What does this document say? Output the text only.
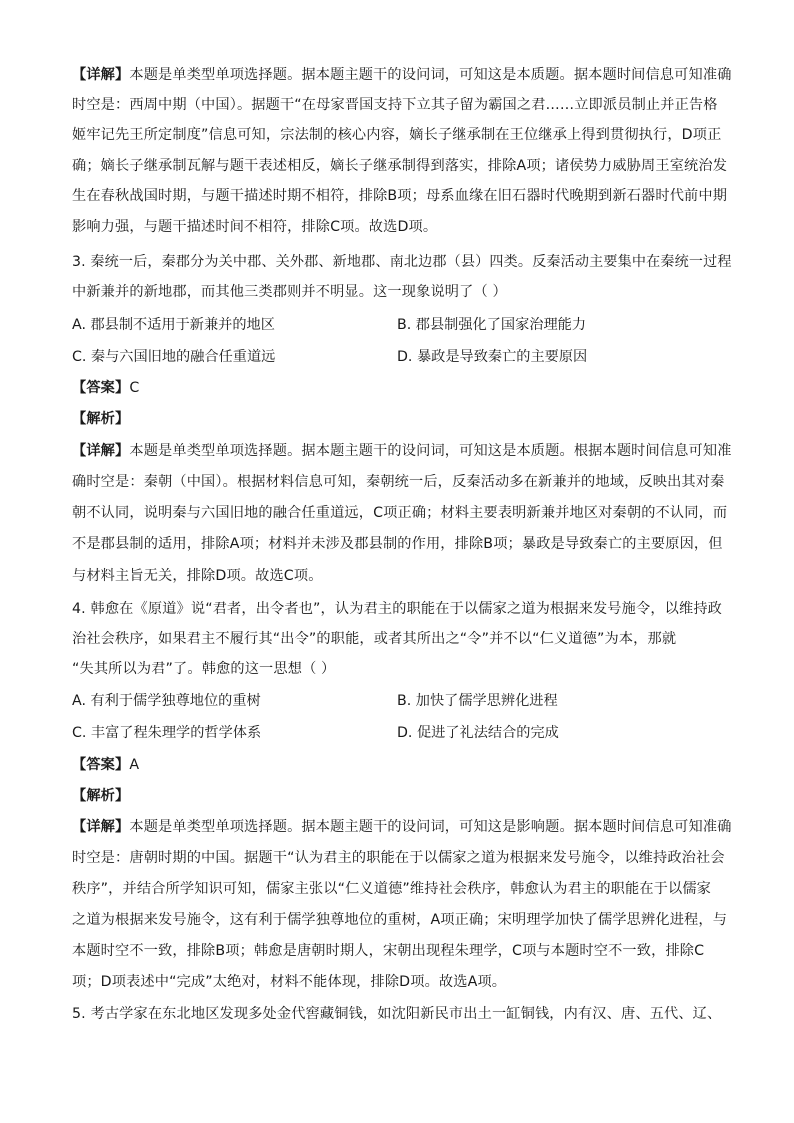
【详解】本题是单类型单项选择题。据本题主题干的设问词，可知这是本质题。据本题时间信息可知准确
时空是：西周中期（中国）。据题干“在母家晋国支持下立其子留为霸国之君……立即派员制止并正告格
姬牢记先王所定制度”信息可知，宗法制的核心内容，嫡长子继承制在王位继承上得到贯彻执行，D项正
确；嫡长子继承制瓦解与题干表述相反，嫡长子继承制得到落实，排除A项；诸侯势力威胁周王室统治发
生在春秋战国时期，与题干描述时期不相符，排除B项；母系血缘在旧石器时代晚期到新石器时代前中期
影响力强，与题干描述时间不相符，排除C项。故选D项。
3. 秦统一后，秦郡分为关中郡、关外郡、新地郡、南北边郡（县）四类。反秦活动主要集中在秦统一过程
中新兼并的新地郡，而其他三类郡则并不明显。这一现象说明了（ ）
A. 郡县制不适用于新兼并的地区	B. 郡县制强化了国家治理能力
C. 秦与六国旧地的融合任重道远	D. 暴政是导致秦亡的主要原因
【答案】C
【解析】
【详解】本题是单类型单项选择题。据本题主题干的设问词，可知这是本质题。根据本题时间信息可知准
确时空是：秦朝（中国）。根据材料信息可知，秦朝统一后，反秦活动多在新兼并的地域，反映出其对秦
朝不认同，说明秦与六国旧地的融合任重道远，C项正确；材料主要表明新兼并地区对秦朝的不认同，而
不是郡县制的适用，排除A项；材料并未涉及郡县制的作用，排除B项；暴政是导致秦亡的主要原因，但
与材料主旨无关，排除D项。故选C项。
4. 韩愈在《原道》说“君者，出令者也”，认为君主的职能在于以儒家之道为根据来发号施令，以维持政
治社会秩序，如果君主不履行其“出令”的职能，或者其所出之“令”并不以“仁义道德”为本，那就
“失其所以为君”了。韩愈的这一思想（ ）
A. 有利于儒学独尊地位的重树	B. 加快了儒学思辨化进程
C. 丰富了程朱理学的哲学体系	D. 促进了礼法结合的完成
【答案】A
【解析】
【详解】本题是单类型单项选择题。据本题主题干的设问词，可知这是影响题。据本题时间信息可知准确
时空是：唐朝时期的中国。据题干“认为君主的职能在于以儒家之道为根据来发号施令，以维持政治社会
秩序”，并结合所学知识可知，儒家主张以“仁义道德”维持社会秩序，韩愈认为君主的职能在于以儒家
之道为根据来发号施令，这有利于儒学独尊地位的重树，A项正确；宋明理学加快了儒学思辨化进程，与
本题时空不一致，排除B项；韩愈是唐朝时期人，宋朝出现程朱理学，C项与本题时空不一致，排除C
项；D项表述中“完成”太绝对，材料不能体现，排除D项。故选A项。
5. 考古学家在东北地区发现多处金代窖藏铜钱，如沈阳新民市出土一缸铜钱，内有汉、唐、五代、辽、
